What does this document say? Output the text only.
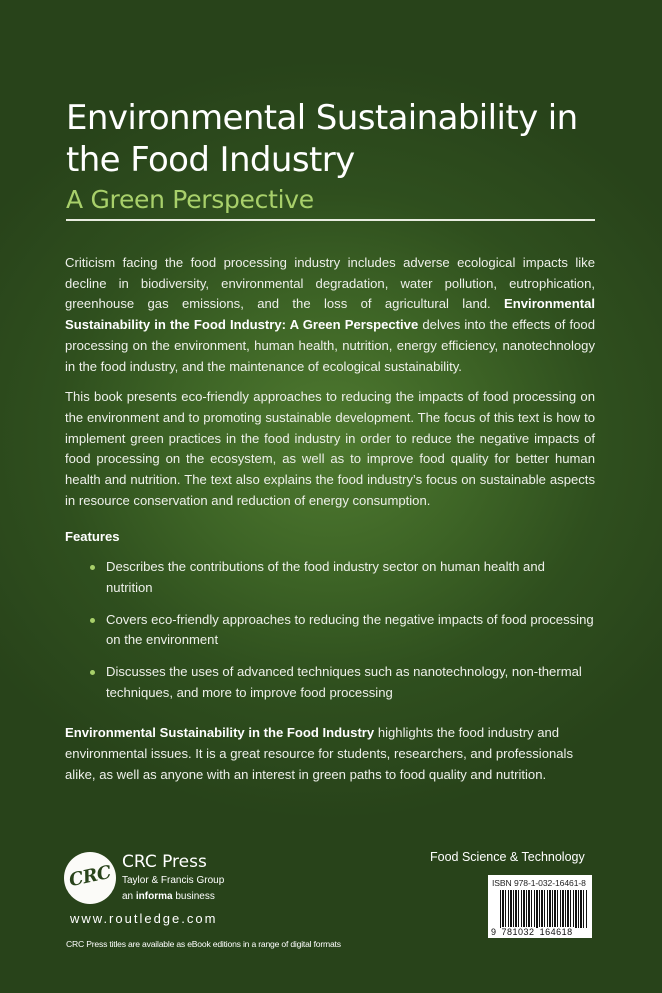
Environmental Sustainability in
the Food Industry
A Green Perspective

Criticism facing the food processing industry includes adverse ecological impacts like decline in biodiversity, environmental degradation, water pollution, eutrophication, greenhouse gas emissions, and the loss of agricultural land. Environmental Sustainability in the Food Industry: A Green Perspective delves into the effects of food processing on the environment, human health, nutrition, energy efficiency, nanotechnology in the food industry, and the maintenance of ecological sustainability.

This book presents eco-friendly approaches to reducing the impacts of food processing on the environment and to promoting sustainable development. The focus of this text is how to implement green practices in the food industry in order to reduce the negative impacts of food processing on the ecosystem, as well as to improve food quality for better human health and nutrition. The text also explains the food industry’s focus on sustainable aspects in resource conservation and reduction of energy consumption.

Features
Describes the contributions of the food industry sector on human health and nutrition
Covers eco-friendly approaches to reducing the negative impacts of food processing on the environment
Discusses the uses of advanced techniques such as nanotechnology, non-thermal techniques, and more to improve food processing

Environmental Sustainability in the Food Industry highlights the food industry and environmental issues. It is a great resource for students, researchers, and professionals alike, as well as anyone with an interest in green paths to food quality and nutrition.

CRC CRC Press
Taylor & Francis Group
an informa business
www.routledge.com
CRC Press titles are available as eBook editions in a range of digital formats
Food Science & Technology
ISBN 978-1-032-16461-8
9 781032 164618
